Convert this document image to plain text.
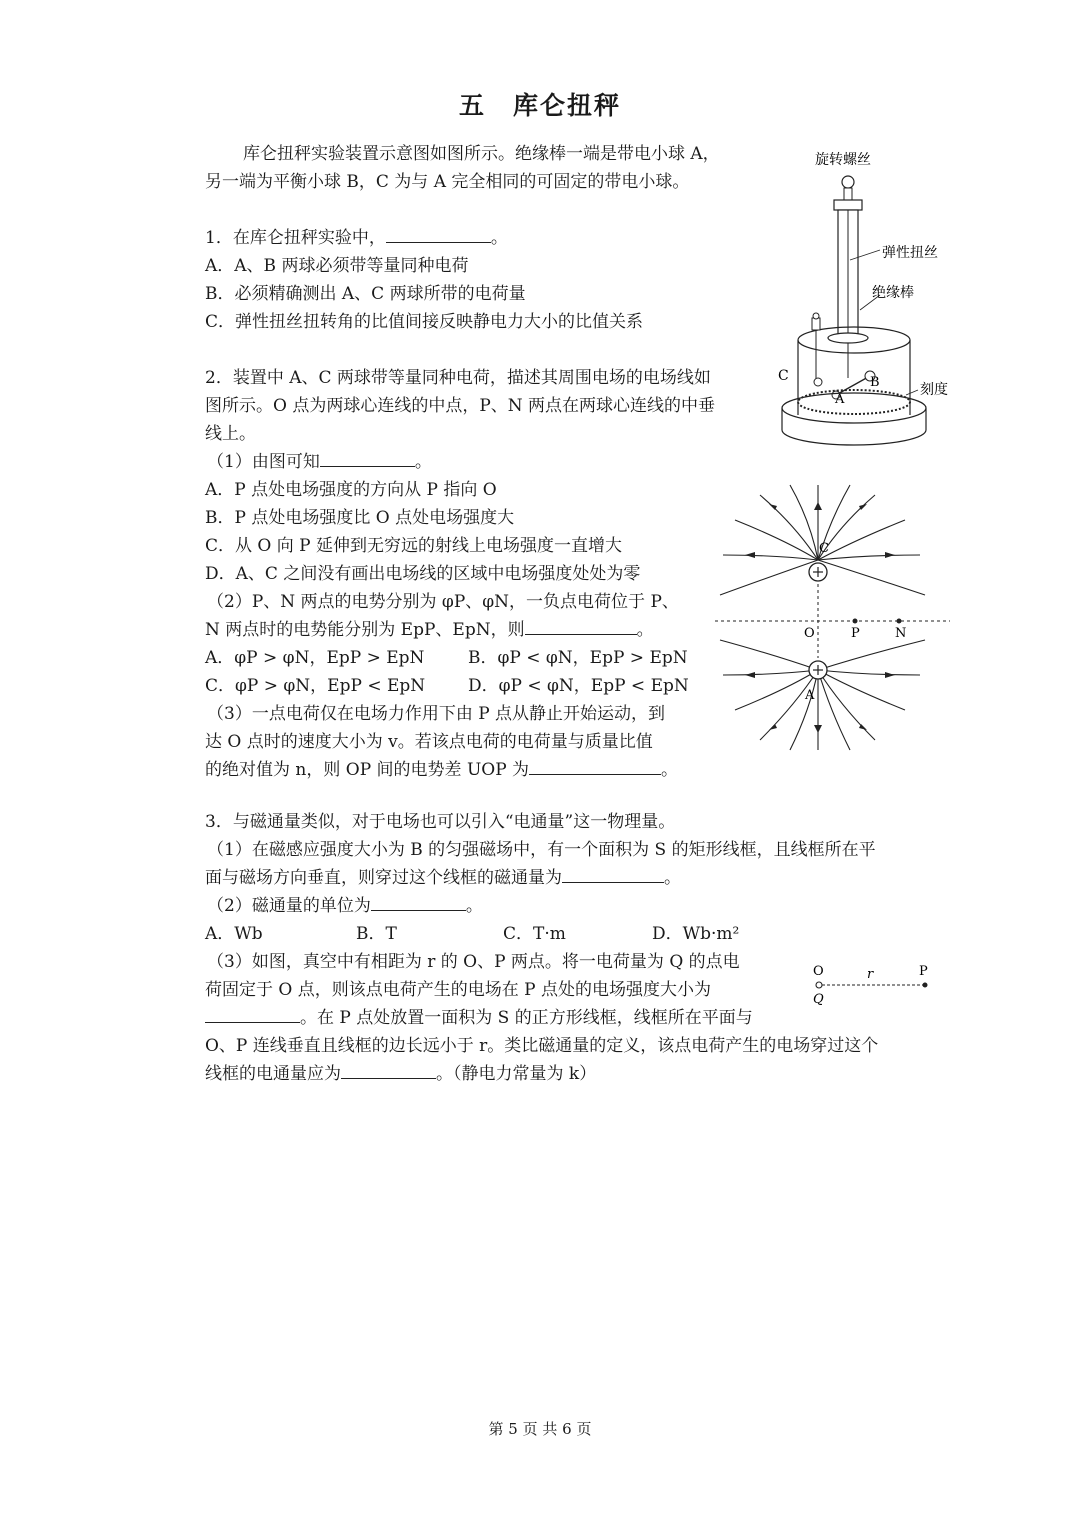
五　库仑扭秤
库仑扭秤实验装置示意图如图所示。绝缘棒一端是带电小球 A，
另一端为平衡小球 B，C 为与 A 完全相同的可固定的带电小球。
旋转螺丝
弹性扭丝
绝缘棒
C	B
A
刻度
1．在库仑扭秤实验中，	。
A．A、B 两球必须带等量同种电荷
B．必须精确测出 A、C 两球所带的电荷量
C．弹性扭丝扭转角的比值间接反映静电力大小的比值关系
2．装置中 A、C 两球带等量同种电荷，描述其周围电场的电场线如
图所示。O 点为两球心连线的中点，P、N 两点在两球心连线的中垂
线上。
（1）由图可知	。
A．P 点处电场强度的方向从 P 指向 O
B．P 点处电场强度比 O 点处电场强度大
C．从 O 向 P 延伸到无穷远的射线上电场强度一直增大
D．A、C 之间没有画出电场线的区域中电场强度处处为零
（2）P、N 两点的电势分别为 φP、φN，一负点电荷位于 P、
N 两点时的电势能分别为 EpP、EpN，则	。
A．φP > φN，EpP > EpN	B．φP < φN，EpP > EpN
C．φP > φN，EpP < EpN	D．φP < φN，EpP < EpN
（3）一点电荷仅在电场力作用下由 P 点从静止开始运动，到
达 O 点时的速度大小为 v。若该点电荷的电荷量与质量比值
的绝对值为 n，则 OP 间的电势差 UOP 为	。
C
A
O	P	N
3．与磁通量类似，对于电场也可以引入“电通量”这一物理量。
（1）在磁感应强度大小为 B 的匀强磁场中，有一个面积为 S 的矩形线框，且线框所在平
面与磁场方向垂直，则穿过这个线框的磁通量为	。
（2）磁通量的单位为	。
A．Wb	B．T	C．T·m	D．Wb·m²
（3）如图，真空中有相距为 r 的 O、P 两点。将一电荷量为 Q 的点电
荷固定于 O 点，则该点电荷产生的电场在 P 点处的电场强度大小为
。在 P 点处放置一面积为 S 的正方形线框，线框所在平面与
O、P 连线垂直且线框的边长远小于 r。类比磁通量的定义，该点电荷产生的电场穿过这个
线框的电通量应为	。（静电力常量为 k）
O	r	P
Q
第 5 页 共 6 页
